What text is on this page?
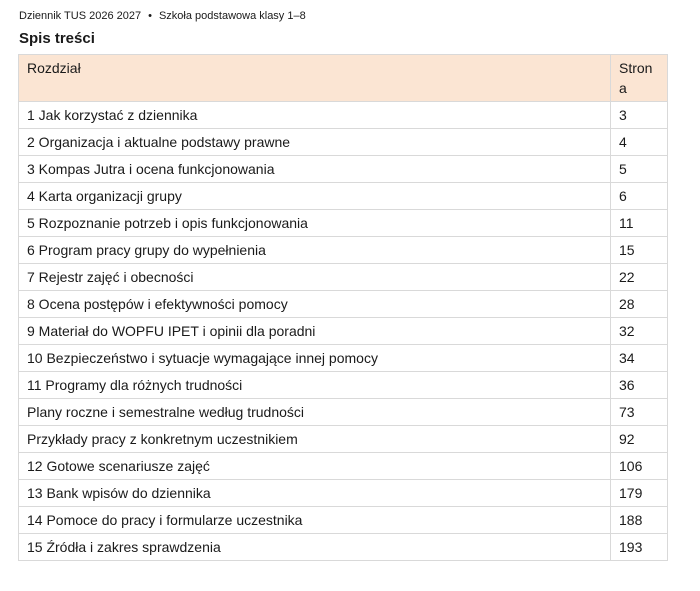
Dziennik TUS 2026 2027 • Szkoła podstawowa klasy 1–8
Spis treści
Rozdział	Strona
1 Jak korzystać z dziennika	3
2 Organizacja i aktualne podstawy prawne	4
3 Kompas Jutra i ocena funkcjonowania	5
4 Karta organizacji grupy	6
5 Rozpoznanie potrzeb i opis funkcjonowania	11
6 Program pracy grupy do wypełnienia	15
7 Rejestr zajęć i obecności	22
8 Ocena postępów i efektywności pomocy	28
9 Materiał do WOPFU IPET i opinii dla poradni	32
10 Bezpieczeństwo i sytuacje wymagające innej pomocy	34
11 Programy dla różnych trudności	36
Plany roczne i semestralne według trudności	73
Przykłady pracy z konkretnym uczestnikiem	92
12 Gotowe scenariusze zajęć	106
13 Bank wpisów do dziennika	179
14 Pomoce do pracy i formularze uczestnika	188
15 Źródła i zakres sprawdzenia	193
